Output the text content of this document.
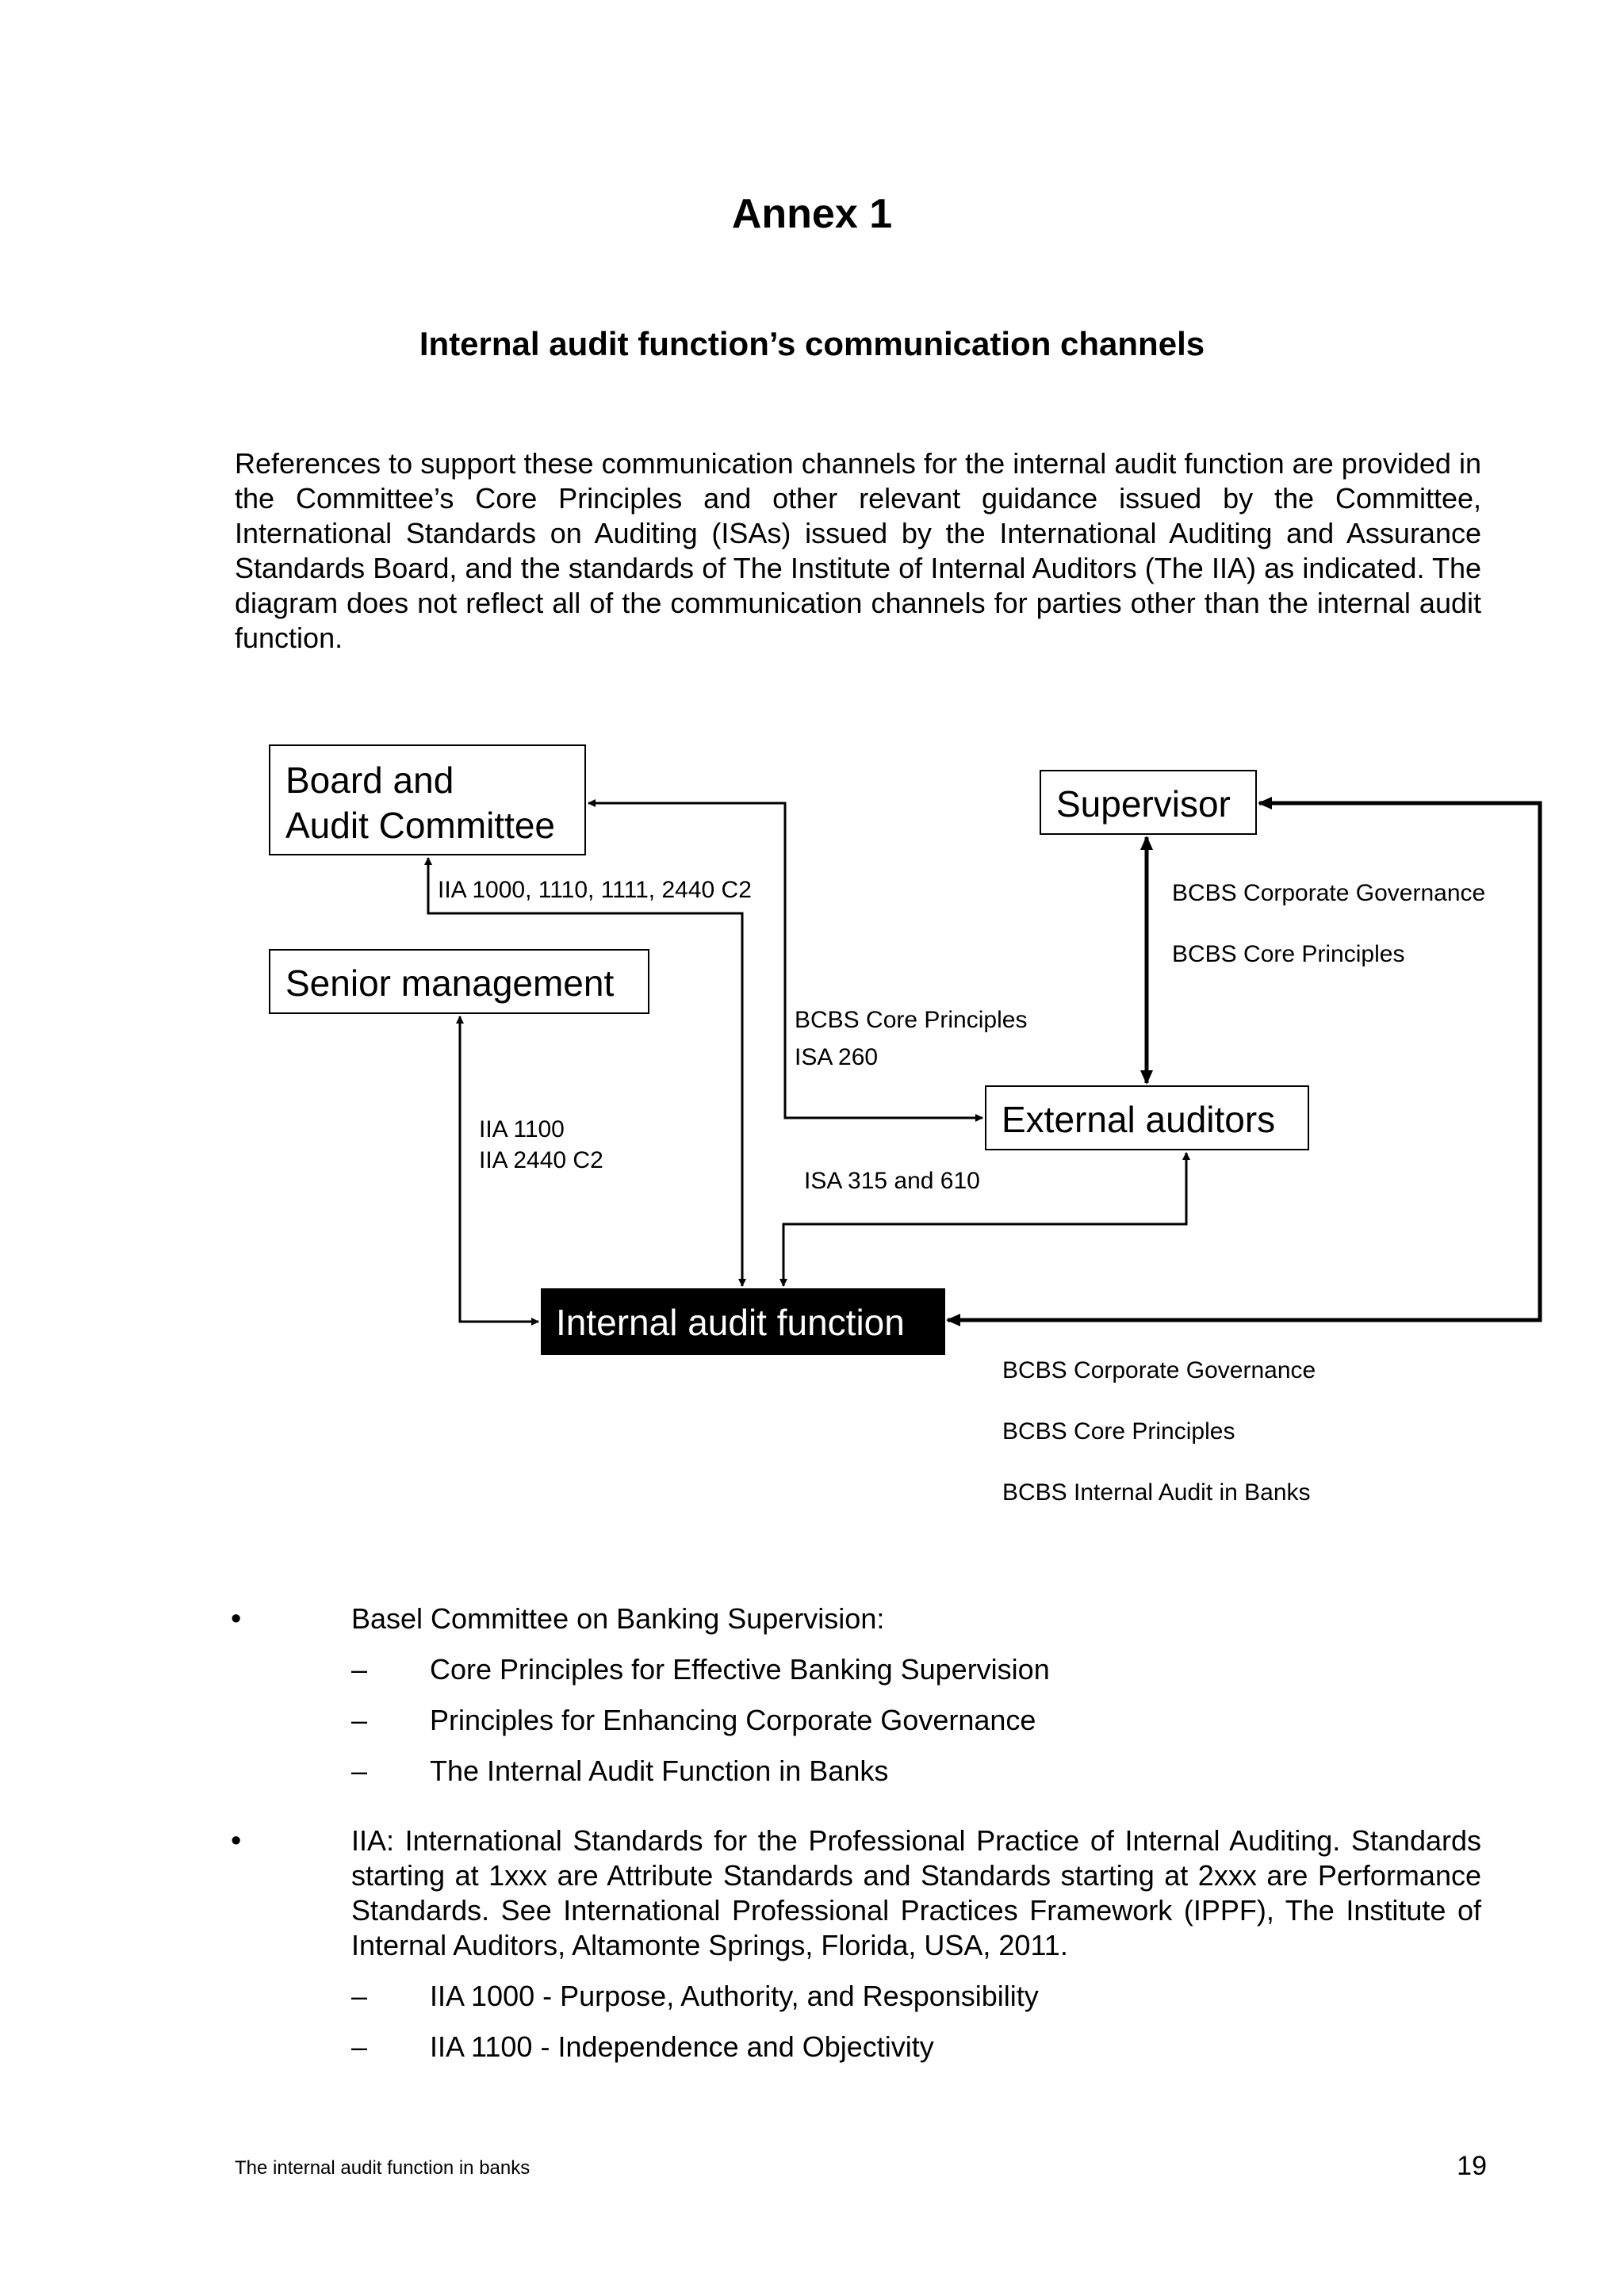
Annex 1
Internal audit function’s communication channels

References to support these communication channels for the internal audit function are provided in the Committee’s Core Principles and other relevant guidance issued by the Committee, International Standards on Auditing (ISAs) issued by the International Auditing and Assurance Standards Board, and the standards of The Institute of Internal Auditors (The IIA) as indicated. The diagram does not reflect all of the communication channels for parties other than the internal audit function.

Board and
Audit Committee
Supervisor
Senior management
External auditors
Internal audit function
IIA 1000, 1110, 1111, 2440 C2	BCBS Corporate Governance
BCBS Core Principles
BCBS Core Principles
ISA 260
IIA 1100
IIA 2440 C2
ISA 315 and 610
BCBS Corporate Governance
BCBS Core Principles
BCBS Internal Audit in Banks
•	Basel Committee on Banking Supervision:

– Core Principles for Effective Banking Supervision
– Principles for Enhancing Corporate Governance
– The Internal Audit Function in Banks
•	IIA: International Standards for the Professional Practice of Internal Auditing. Standards starting at 1xxx are Attribute Standards and Standards starting at 2xxx are Performance Standards. See International Professional Practices Framework (IPPF), The Institute of Internal Auditors, Altamonte Springs, Florida, USA, 2011.

– IIA 1000 - Purpose, Authority, and Responsibility
– IIA 1100 - Independence and Objectivity
The internal audit function in banks	19
